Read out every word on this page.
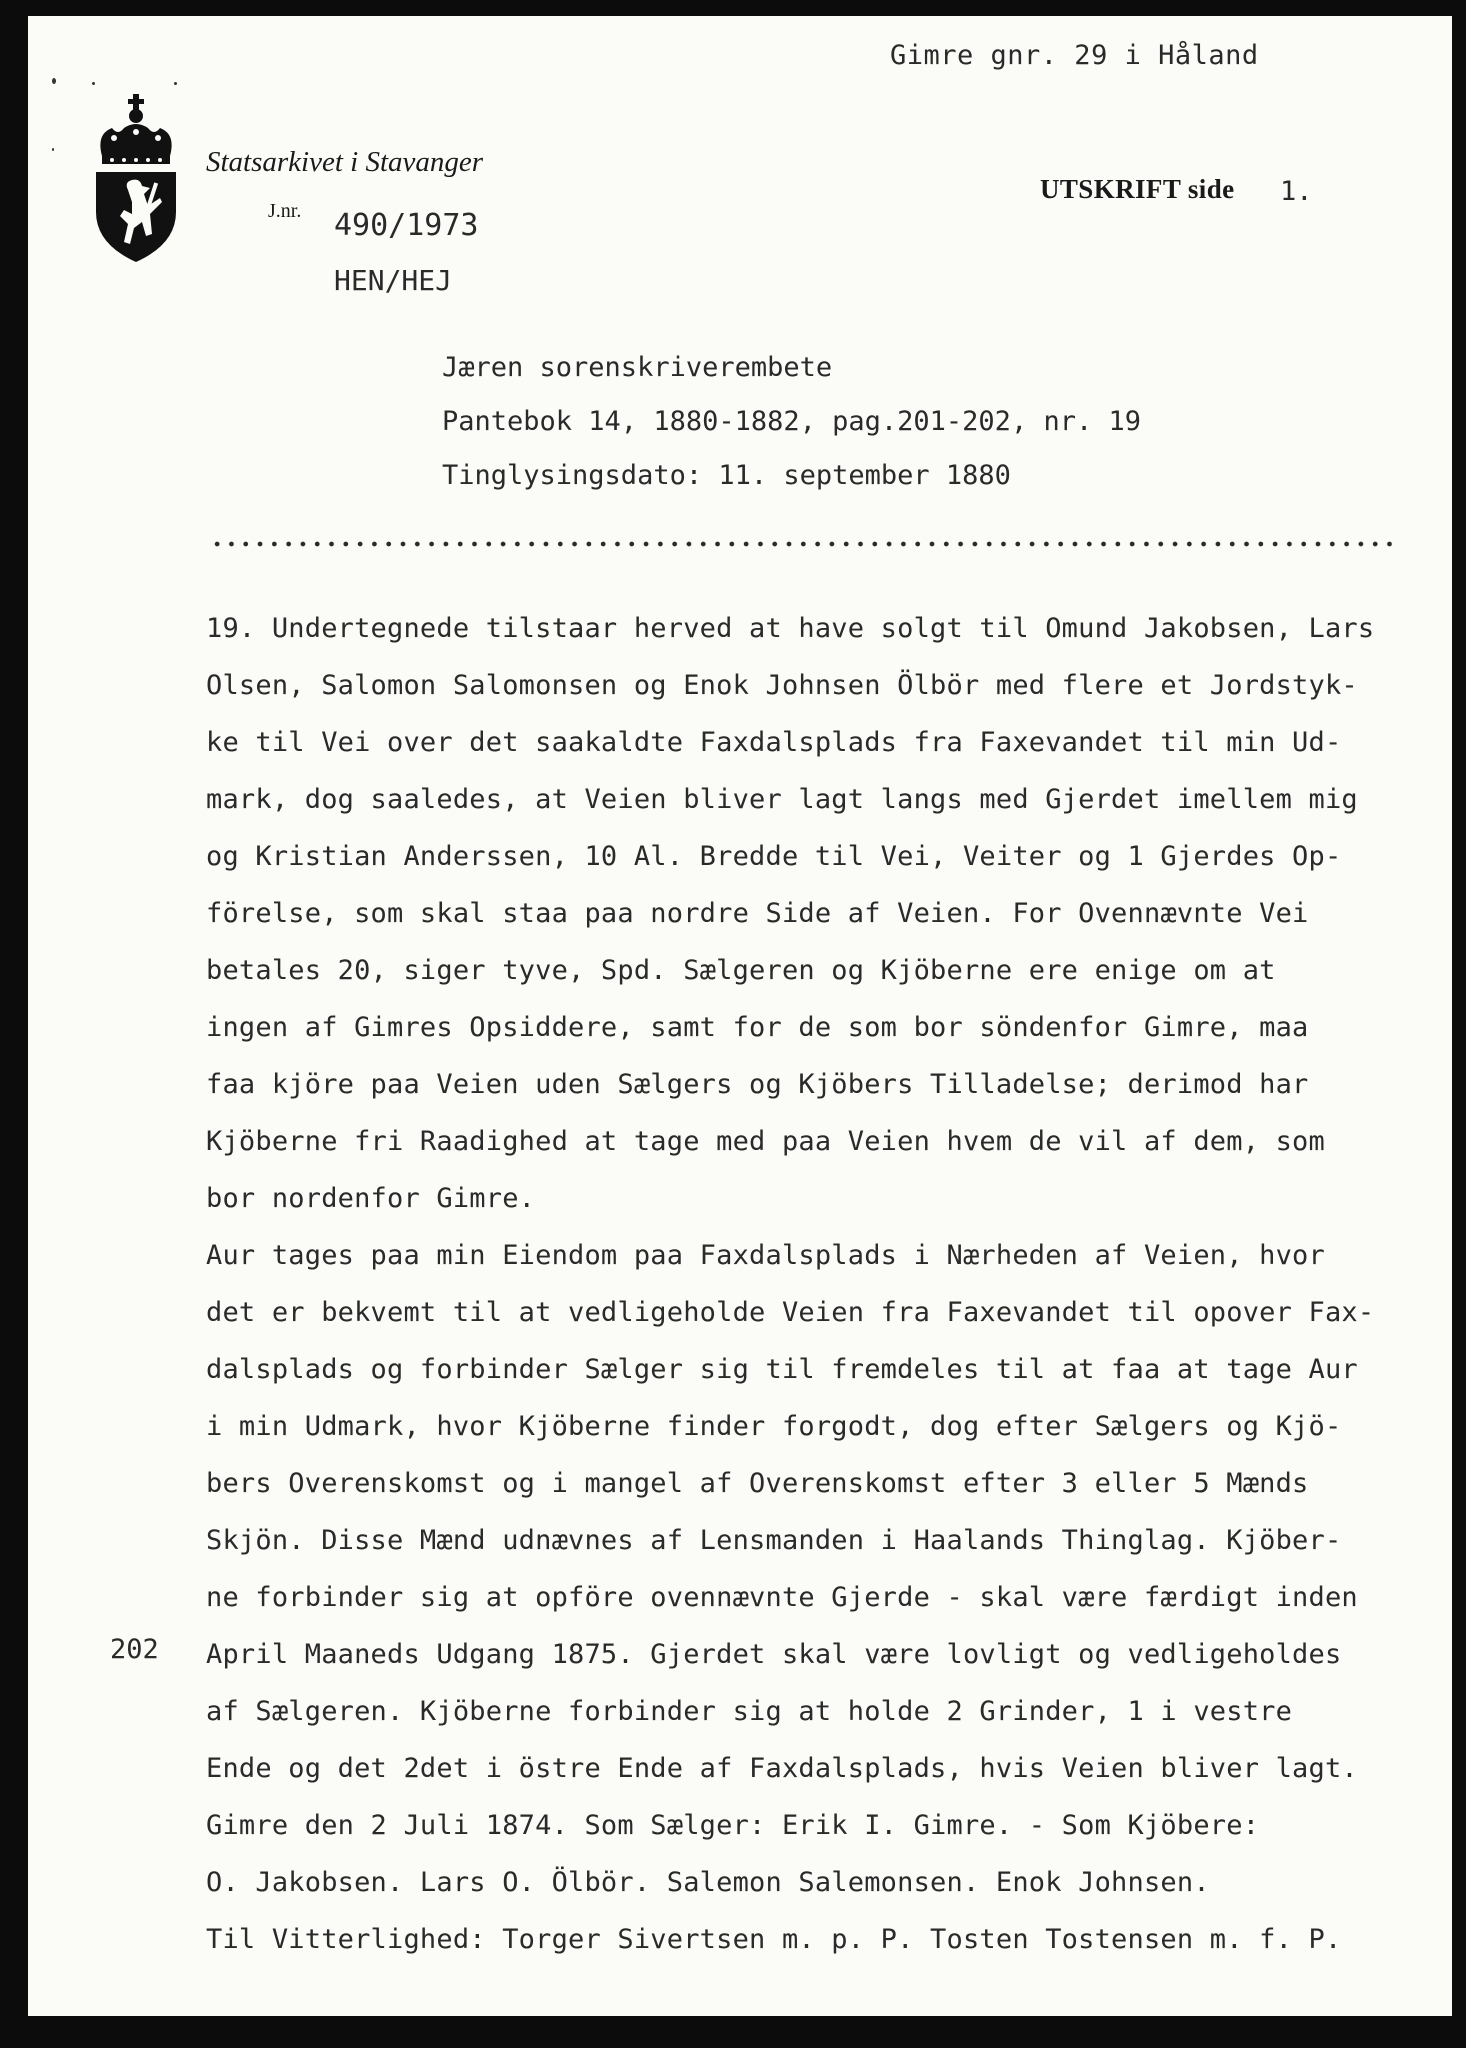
Gimre gnr. 29 i Håland
Statsarkivet i Stavanger
J.nr. 490/1973
HEN/HEJ
UTSKRIFT side 1.
Jæren sorenskriverembete
Pantebok 14, 1880-1882, pag.201-202, nr. 19
Tinglysingsdato: 11. september 1880
202
19. Undertegnede tilstaar herved at have solgt til Omund Jakobsen, Lars
Olsen, Salomon Salomonsen og Enok Johnsen Ölbör med flere et Jordstyk-
ke til Vei over det saakaldte Faxdalsplads fra Faxevandet til min Ud-
mark, dog saaledes, at Veien bliver lagt langs med Gjerdet imellem mig
og Kristian Anderssen, 10 Al. Bredde til Vei, Veiter og 1 Gjerdes Op-
förelse, som skal staa paa nordre Side af Veien. For Ovennævnte Vei
betales 20, siger tyve, Spd. Sælgeren og Kjöberne ere enige om at
ingen af Gimres Opsiddere, samt for de som bor söndenfor Gimre, maa
faa kjöre paa Veien uden Sælgers og Kjöbers Tilladelse; derimod har
Kjöberne fri Raadighed at tage med paa Veien hvem de vil af dem, som
bor nordenfor Gimre.
Aur tages paa min Eiendom paa Faxdalsplads i Nærheden af Veien, hvor
det er bekvemt til at vedligeholde Veien fra Faxevandet til opover Fax-
dalsplads og forbinder Sælger sig til fremdeles til at faa at tage Aur
i min Udmark, hvor Kjöberne finder forgodt, dog efter Sælgers og Kjö-
bers Overenskomst og i mangel af Overenskomst efter 3 eller 5 Mænds
Skjön. Disse Mænd udnævnes af Lensmanden i Haalands Thinglag. Kjöber-
ne forbinder sig at opföre ovennævnte Gjerde - skal være færdigt inden
April Maaneds Udgang 1875. Gjerdet skal være lovligt og vedligeholdes
af Sælgeren. Kjöberne forbinder sig at holde 2 Grinder, 1 i vestre
Ende og det 2det i östre Ende af Faxdalsplads, hvis Veien bliver lagt.
Gimre den 2 Juli 1874. Som Sælger: Erik I. Gimre. - Som Kjöbere:
O. Jakobsen. Lars O. Ölbör. Salemon Salemonsen. Enok Johnsen.
Til Vitterlighed: Torger Sivertsen m. p. P. Tosten Tostensen m. f. P.
